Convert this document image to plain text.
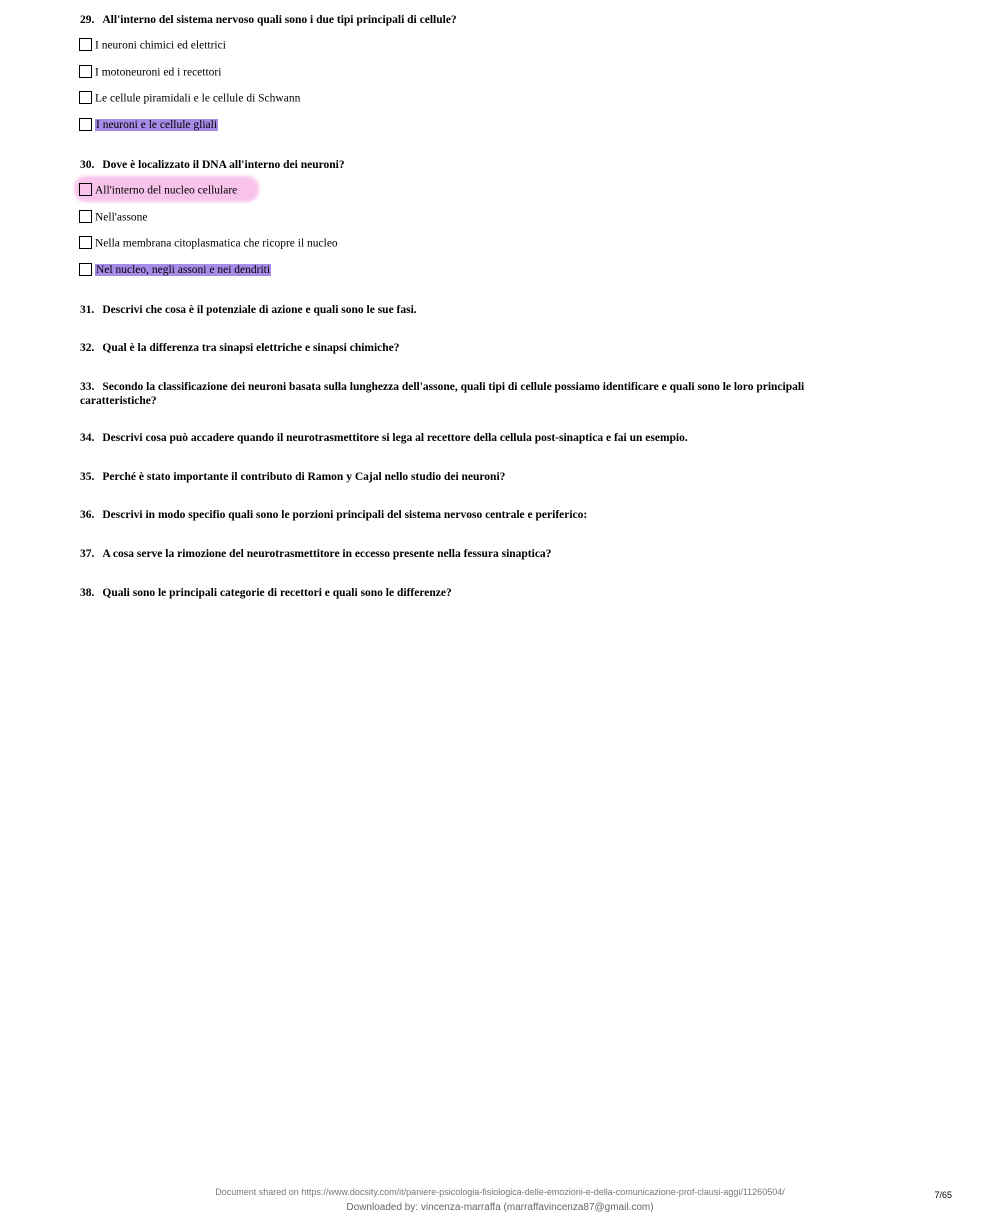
29. All'interno del sistema nervoso quali sono i due tipi principali di cellule?
I neuroni chimici ed elettrici
I motoneuroni ed i recettori
Le cellule piramidali e le cellule di Schwann
I neuroni e le cellule gliali
30. Dove è localizzato il DNA all'interno dei neuroni?
All'interno del nucleo cellulare
Nell'assone
Nella membrana citoplasmatica che ricopre il nucleo
Nel nucleo, negli assoni e nei dendriti
31. Descrivi che cosa è il potenziale di azione e quali sono le sue fasi.
32. Qual è la differenza tra sinapsi elettriche e sinapsi chimiche?
33. Secondo la classificazione dei neuroni basata sulla lunghezza dell'assone, quali tipi di cellule possiamo identificare e quali sono le loro principali caratteristiche?
34. Descrivi cosa può accadere quando il neurotrasmettitore si lega al recettore della cellula post-sinaptica e fai un esempio.
35. Perché è stato importante il contributo di Ramon y Cajal nello studio dei neuroni?
36. Descrivi in modo specifio quali sono le porzioni principali del sistema nervoso centrale e periferico:
37. A cosa serve la rimozione del neurotrasmettitore in eccesso presente nella fessura sinaptica?
38. Quali sono le principali categorie di recettori e quali sono le differenze?
Document shared on https://www.docsity.com/it/paniere-psicologia-fisiologica-delle-emozioni-e-della-comunicazione-prof-clausi-aggi/11260504/
Downloaded by: vincenza-marraffa (marraffavincenza87@gmail.com)
7/65
